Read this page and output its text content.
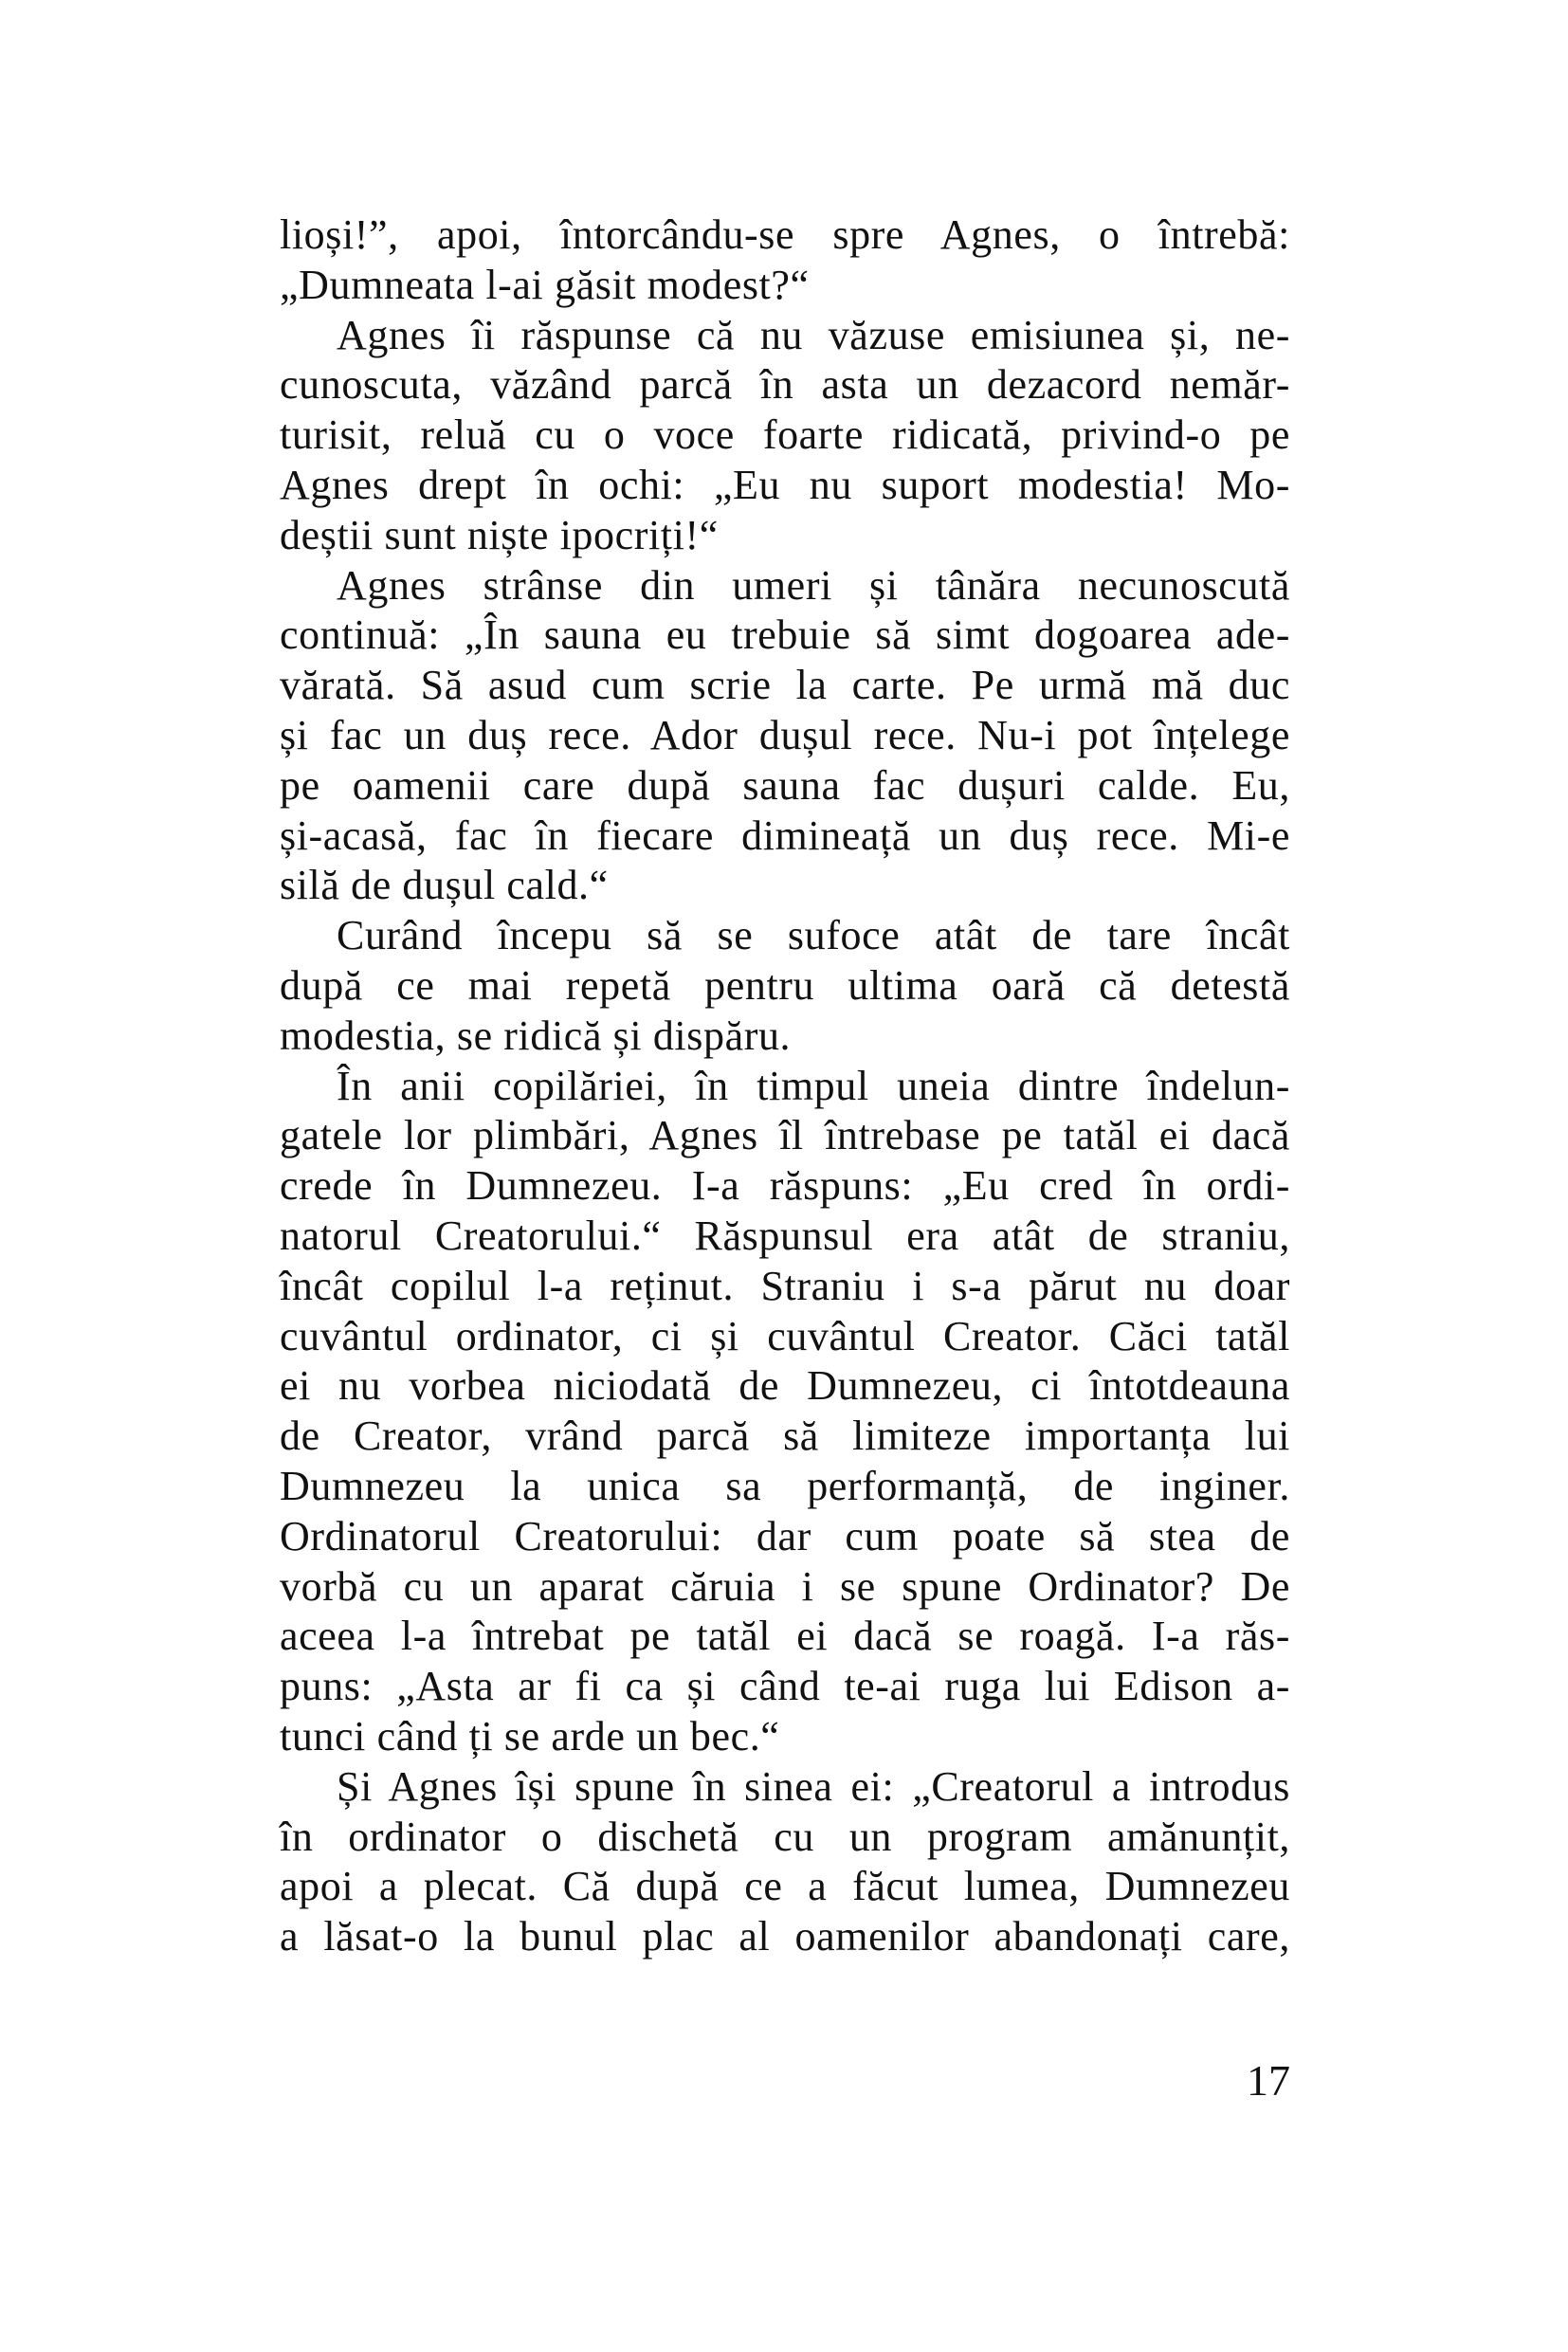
lioși!”, apoi, întorcându-se spre Agnes, o întrebă:
„Dumneata l-ai găsit modest?“
Agnes îi răspunse că nu văzuse emisiunea și, ne-
cunoscuta, văzând parcă în asta un dezacord nemăr-
turisit, reluă cu o voce foarte ridicată, privind-o pe
Agnes drept în ochi: „Eu nu suport modestia! Mo-
deștii sunt niște ipocriți!“
Agnes strânse din umeri și tânăra necunoscută
continuă: „În sauna eu trebuie să simt dogoarea ade-
vărată. Să asud cum scrie la carte. Pe urmă mă duc
și fac un duș rece. Ador dușul rece. Nu-i pot înțelege
pe oamenii care după sauna fac dușuri calde. Eu,
și-acasă, fac în fiecare dimineață un duș rece. Mi-e
silă de dușul cald.“
Curând începu să se sufoce atât de tare încât
după ce mai repetă pentru ultima oară că detestă
modestia, se ridică și dispăru.
În anii copilăriei, în timpul uneia dintre îndelun-
gatele lor plimbări, Agnes îl întrebase pe tatăl ei dacă
crede în Dumnezeu. I-a răspuns: „Eu cred în ordi-
natorul Creatorului.“ Răspunsul era atât de straniu,
încât copilul l-a reținut. Straniu i s-a părut nu doar
cuvântul ordinator, ci și cuvântul Creator. Căci tatăl
ei nu vorbea niciodată de Dumnezeu, ci întotdeauna
de Creator, vrând parcă să limiteze importanța lui
Dumnezeu la unica sa performanță, de inginer.
Ordinatorul Creatorului: dar cum poate să stea de
vorbă cu un aparat căruia i se spune Ordinator? De
aceea l-a întrebat pe tatăl ei dacă se roagă. I-a răs-
puns: „Asta ar fi ca și când te-ai ruga lui Edison a-
tunci când ți se arde un bec.“
Și Agnes își spune în sinea ei: „Creatorul a introdus
în ordinator o dischetă cu un program amănunțit,
apoi a plecat. Că după ce a făcut lumea, Dumnezeu
a lăsat-o la bunul plac al oamenilor abandonați care,
17
